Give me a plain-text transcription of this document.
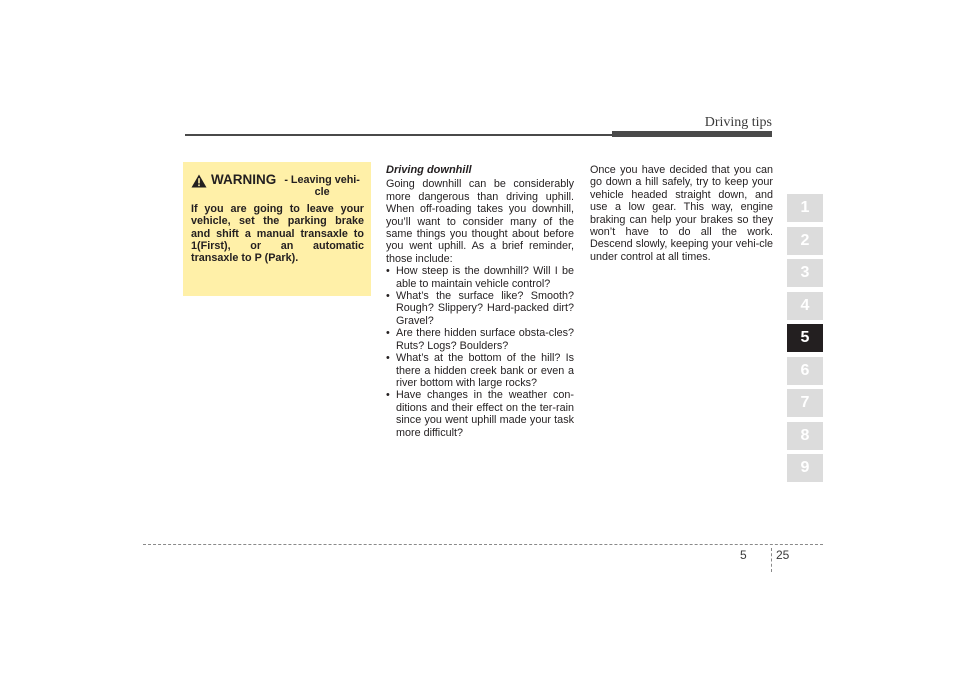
Driving tips
WARNING - Leaving vehi-cle
If you are going to leave your vehicle, set the parking brake and shift a manual transaxle to 1(First), or an automatic transaxle to P (Park).
Driving downhill
Going downhill can be considerably more dangerous than driving uphill. When off-roading takes you downhill, you’ll want to consider many of the same things you thought about before you went uphill. As a brief reminder, those include:
• How steep is the downhill? Will I be able to maintain vehicle control?
• What’s the surface like? Smooth? Rough? Slippery? Hard-packed dirt? Gravel?
• Are there hidden surface obsta-cles? Ruts? Logs? Boulders?
• What’s at the bottom of the hill? Is there a hidden creek bank or even a river bottom with large rocks?
• Have changes in the weather con-ditions and their effect on the ter-rain since you went uphill made your task more difficult?
Once you have decided that you can go down a hill safely, try to keep your vehicle headed straight down, and use a low gear. This way, engine braking can help your brakes so they won’t have to do all the work. Descend slowly, keeping your vehi-cle under control at all times.
1
2
3
4
5
6
7
8
9
5 25
